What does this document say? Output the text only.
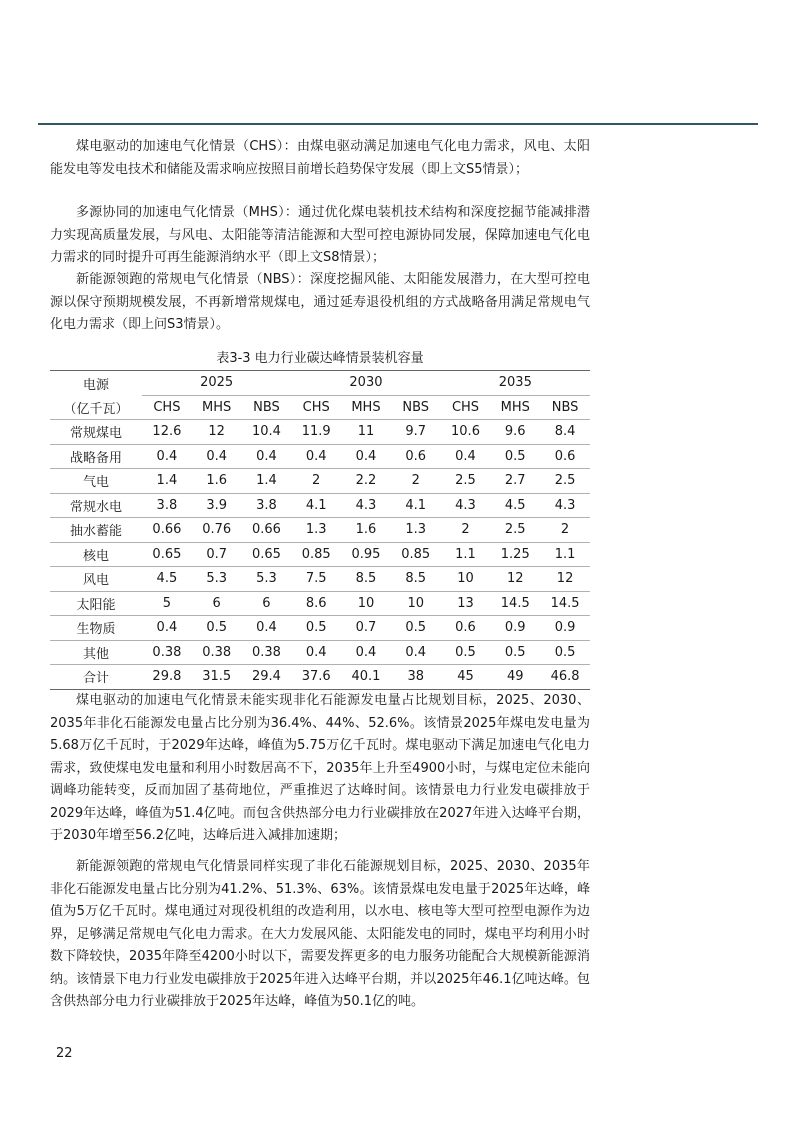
煤电驱动的加速电气化情景（CHS）：由煤电驱动满足加速电气化电力需求，风电、太阳能发电等发电技术和储能及需求响应按照目前增长趋势保守发展（即上文S5情景）；

多源协同的加速电气化情景（MHS）：通过优化煤电装机技术结构和深度挖掘节能减排潜力实现高质量发展，与风电、太阳能等清洁能源和大型可控电源协同发展，保障加速电气化电力需求的同时提升可再生能源消纳水平（即上文S8情景）；

新能源领跑的常规电气化情景（NBS）：深度挖掘风能、太阳能发展潜力，在大型可控电源以保守预期规模发展，不再新增常规煤电，通过延寿退役机组的方式战略备用满足常规电气化电力需求（即上问S3情景）。

表3-3 电力行业碳达峰情景装机容量
电源	2025			2030			2035		
（亿千瓦）	CHS	MHS	NBS	CHS	MHS	NBS	CHS	MHS	NBS
常规煤电	12.6	12	10.4	11.9	11	9.7	10.6	9.6	8.4
战略备用	0.4	0.4	0.4	0.4	0.4	0.6	0.4	0.5	0.6
气电	1.4	1.6	1.4	2	2.2	2	2.5	2.7	2.5
常规水电	3.8	3.9	3.8	4.1	4.3	4.1	4.3	4.5	4.3
抽水蓄能	0.66	0.76	0.66	1.3	1.6	1.3	2	2.5	2
核电	0.65	0.7	0.65	0.85	0.95	0.85	1.1	1.25	1.1
风电	4.5	5.3	5.3	7.5	8.5	8.5	10	12	12
太阳能	5	6	6	8.6	10	10	13	14.5	14.5
生物质	0.4	0.5	0.4	0.5	0.7	0.5	0.6	0.9	0.9
其他	0.38	0.38	0.38	0.4	0.4	0.4	0.5	0.5	0.5
合计	29.8	31.5	29.4	37.6	40.1	38	45	49	46.8

煤电驱动的加速电气化情景未能实现非化石能源发电量占比规划目标，2025、2030、2035年非化石能源发电量占比分别为36.4%、44%、52.6%。该情景2025年煤电发电量为5.68万亿千瓦时，于2029年达峰，峰值为5.75万亿千瓦时。煤电驱动下满足加速电气化电力需求，致使煤电发电量和利用小时数居高不下，2035年上升至4900小时，与煤电定位未能向调峰功能转变，反而加固了基荷地位，严重推迟了达峰时间。该情景电力行业发电碳排放于2029年达峰，峰值为51.4亿吨。而包含供热部分电力行业碳排放在2027年进入达峰平台期，于2030年增至56.2亿吨，达峰后进入减排加速期；

新能源领跑的常规电气化情景同样实现了非化石能源规划目标，2025、2030、2035年非化石能源发电量占比分别为41.2%、51.3%、63%。该情景煤电发电量于2025年达峰，峰值为5万亿千瓦时。煤电通过对现役机组的改造利用，以水电、核电等大型可控型电源作为边界，足够满足常规电气化电力需求。在大力发展风能、太阳能发电的同时，煤电平均利用小时数下降较快，2035年降至4200小时以下，需要发挥更多的电力服务功能配合大规模新能源消纳。该情景下电力行业发电碳排放于2025年进入达峰平台期，并以2025年46.1亿吨达峰。包含供热部分电力行业碳排放于2025年达峰，峰值为50.1亿的吨。

22
